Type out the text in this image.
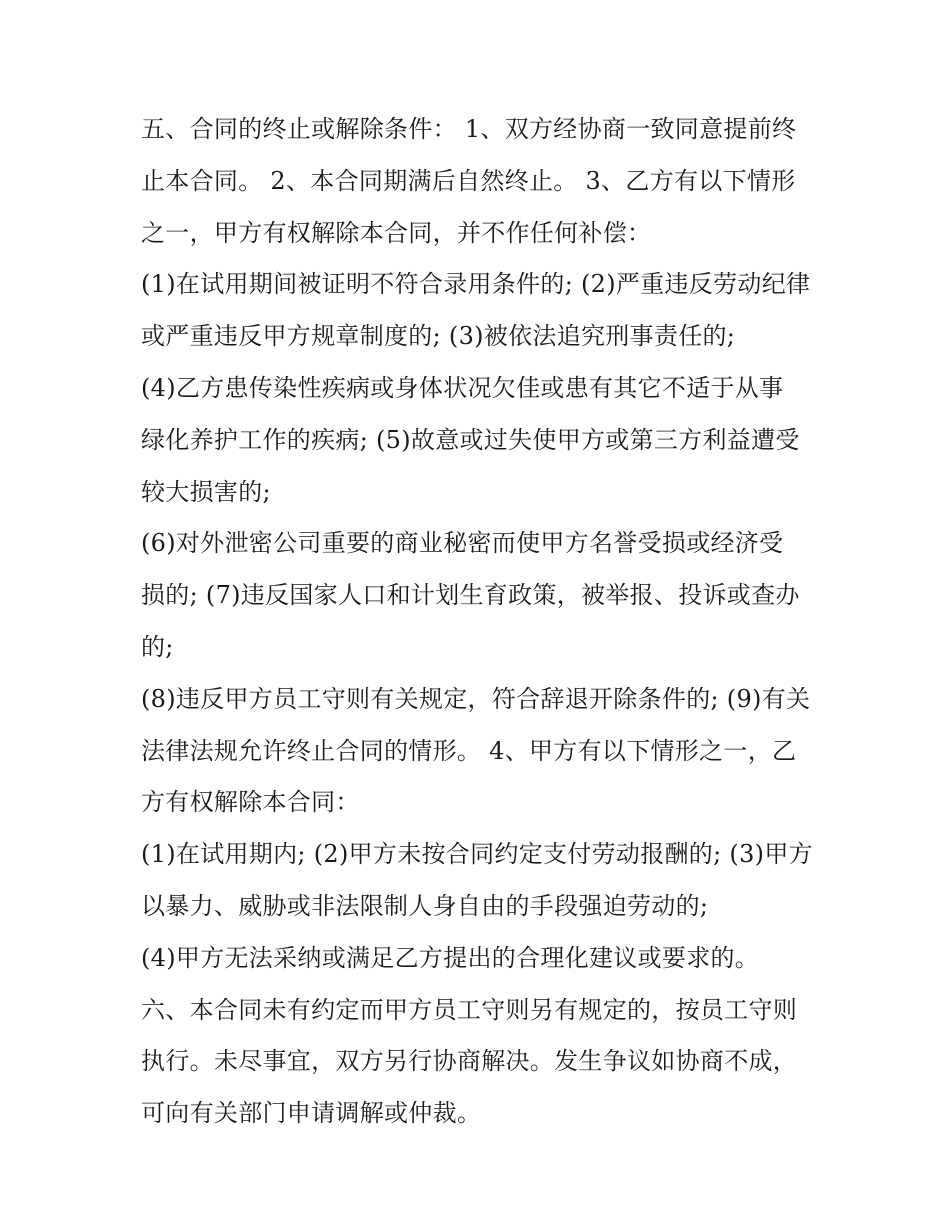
五、合同的终止或解除条件： 1、双方经协商一致同意提前终
止本合同。 2、本合同期满后自然终止。 3、乙方有以下情形
之一，甲方有权解除本合同，并不作任何补偿：
(1)在试用期间被证明不符合录用条件的; (2)严重违反劳动纪律
或严重违反甲方规章制度的; (3)被依法追究刑事责任的;
(4)乙方患传染性疾病或身体状况欠佳或患有其它不适于从事
绿化养护工作的疾病; (5)故意或过失使甲方或第三方利益遭受
较大损害的;
(6)对外泄密公司重要的商业秘密而使甲方名誉受损或经济受
损的; (7)违反国家人口和计划生育政策，被举报、投诉或查办
的;
(8)违反甲方员工守则有关规定，符合辞退开除条件的; (9)有关
法律法规允许终止合同的情形。 4、甲方有以下情形之一，乙
方有权解除本合同：
(1)在试用期内; (2)甲方未按合同约定支付劳动报酬的; (3)甲方
以暴力、威胁或非法限制人身自由的手段强迫劳动的;
(4)甲方无法采纳或满足乙方提出的合理化建议或要求的。
六、本合同未有约定而甲方员工守则另有规定的，按员工守则
执行。未尽事宜，双方另行协商解决。发生争议如协商不成，
可向有关部门申请调解或仲裁。
